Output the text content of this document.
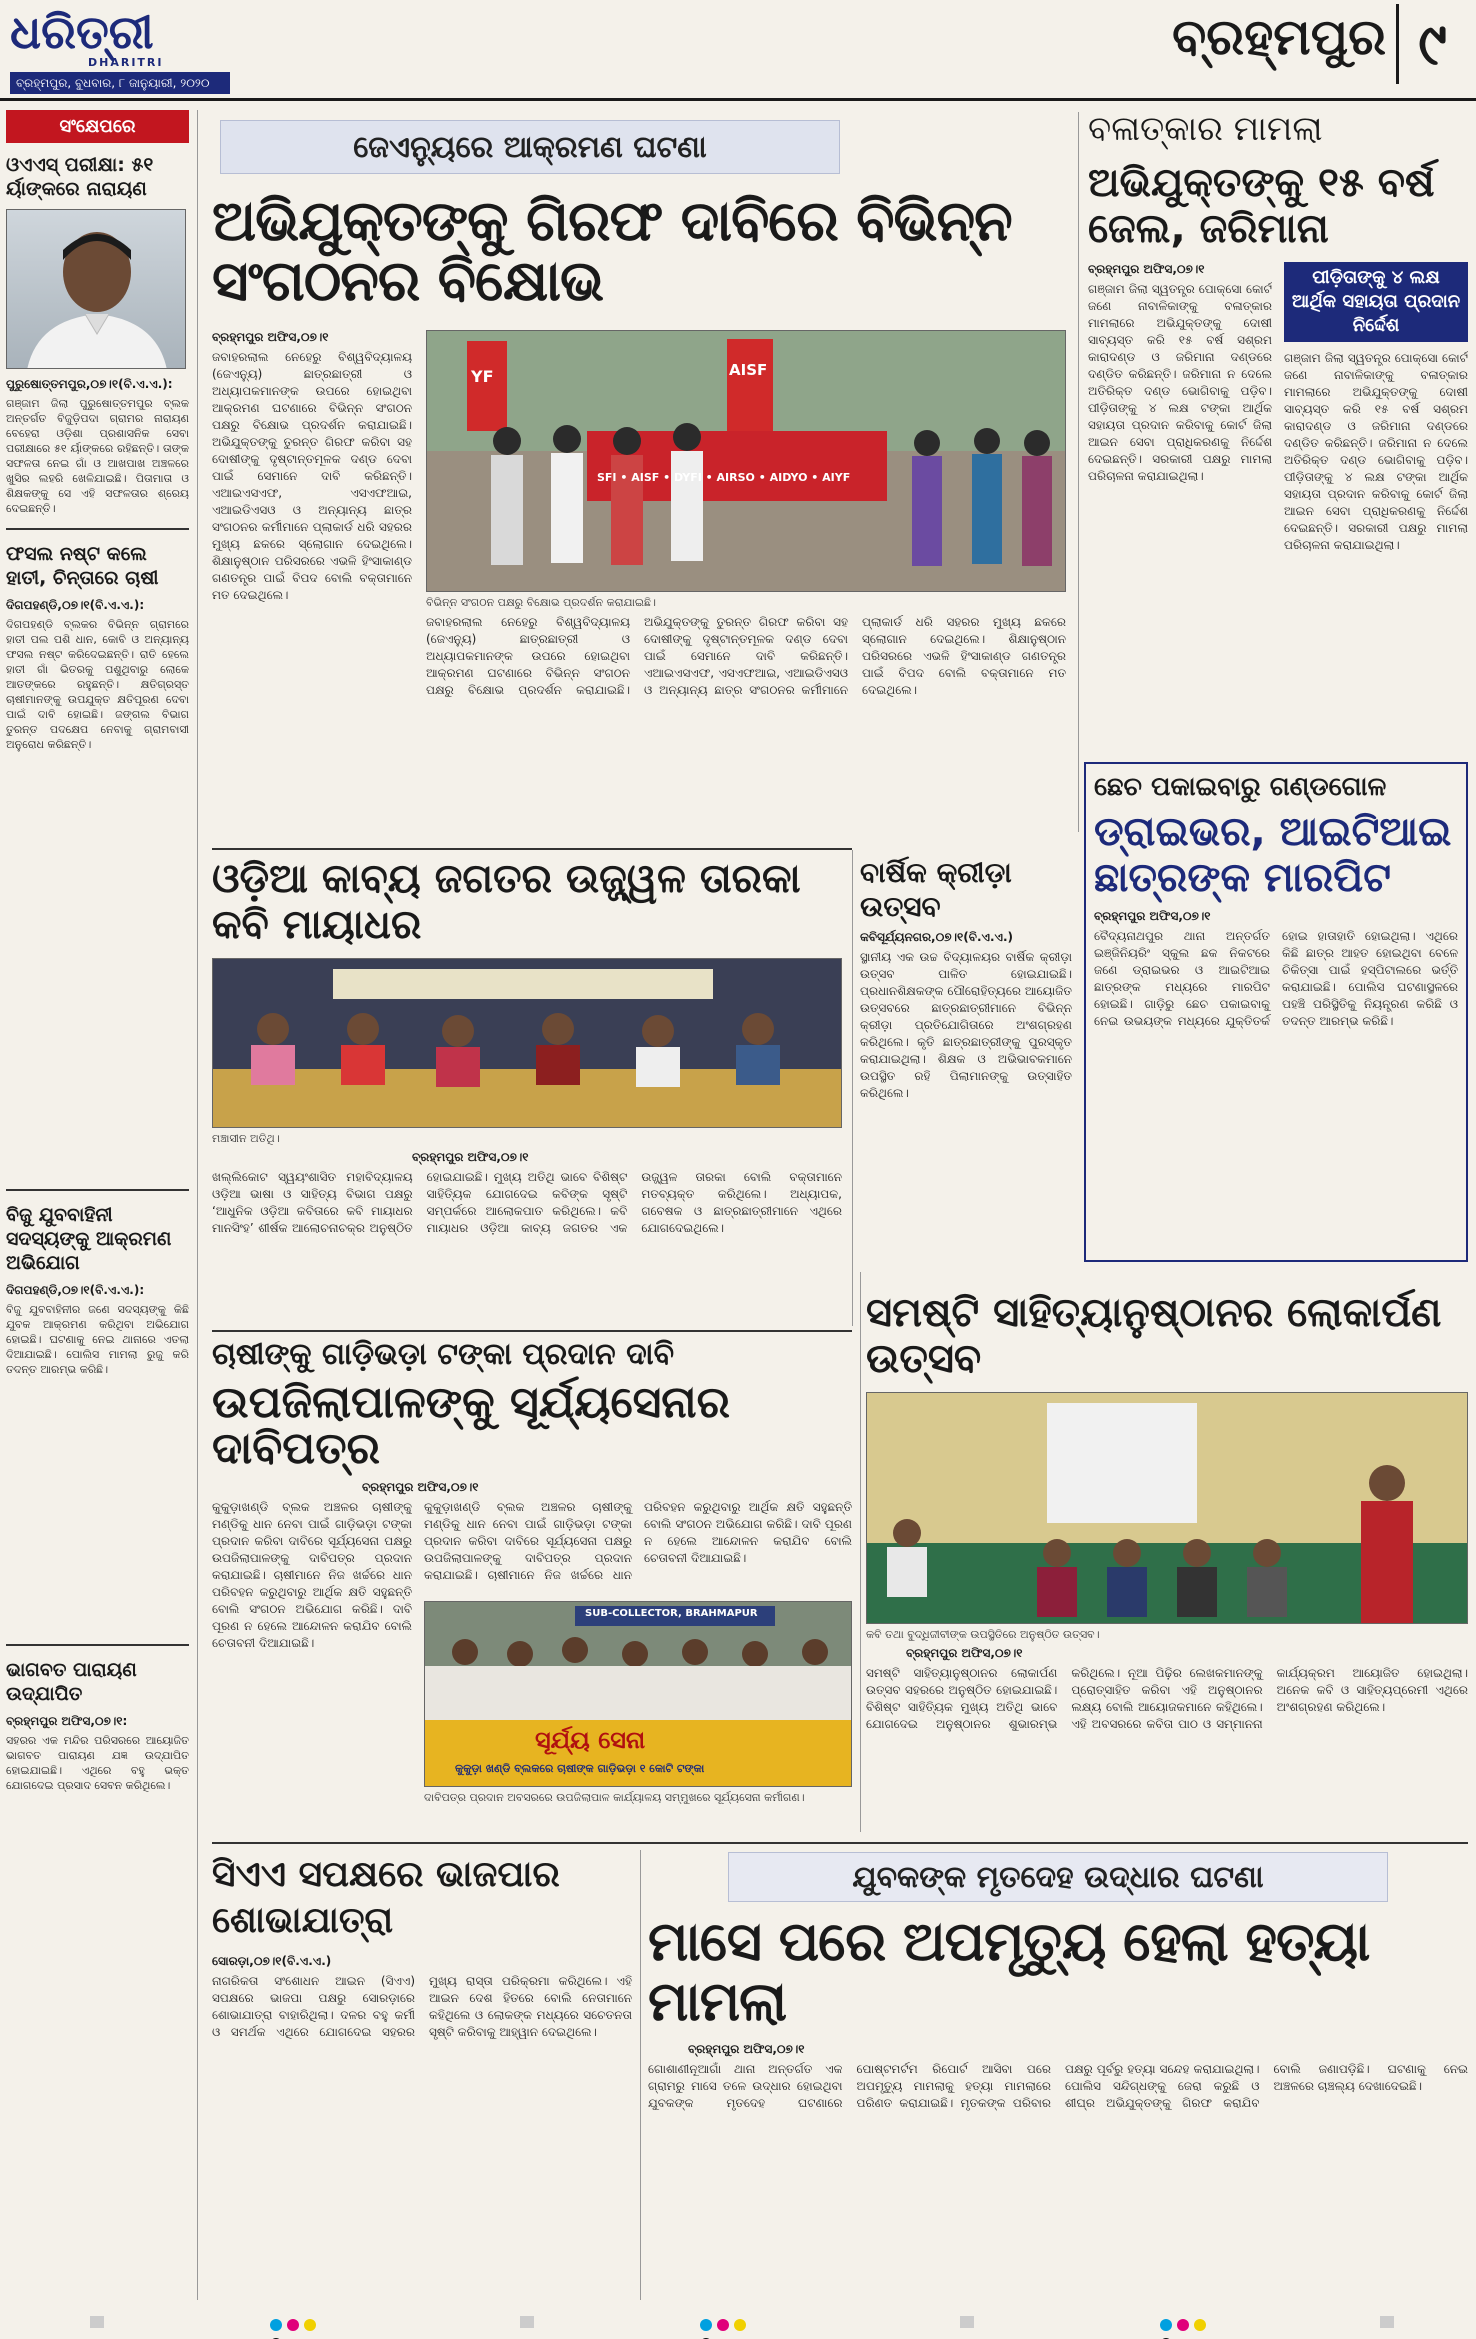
ଧରିତ୍ରୀ
DHARITRI
ବ୍ରହ୍ମପୁର, ବୁଧବାର, ୮ ଜାନୁୟାରୀ, ୨୦୨୦
ବ୍ରହ୍ମପୁର ୯
ସଂକ୍ଷେପରେ
ଓଏଏସ୍ ପରୀକ୍ଷା: ୫୧ ର୍ୟାଙ୍କରେ ନାରାୟଣ
ପୁରୁଷୋତ୍ତମପୁର,୦୭।୧(ବି.ଏ.ଏ.):
ଗଞ୍ଜାମ ଜିଲା ପୁରୁଷୋତ୍ତମପୁର ବ୍ଲକ ଅନ୍ତର୍ଗତ ବିଜୁଡ଼ିପଦା ଗ୍ରାମର ନାରାୟଣ ବେହେରା ଓଡ଼ିଶା ପ୍ରଶାସନିକ ସେବା ପରୀକ୍ଷାରେ ୫୧ ର୍ୟାଙ୍କରେ ରହିଛନ୍ତି। ତାଙ୍କ ସଫଳତା ନେଇ ଗାଁ ଓ ଆଖପାଖ ଅଞ୍ଚଳରେ ଖୁସିର ଲହରି ଖେଳିଯାଇଛି। ପିତାମାତା ଓ ଶିକ୍ଷକଙ୍କୁ ସେ ଏହି ସଫଳତାର ଶ୍ରେୟ ଦେଇଛନ୍ତି।
ଫସଲ ନଷ୍ଟ କଲେ ହାତୀ, ଚିନ୍ତାରେ ଚାଷୀ
ଦିଗପହଣ୍ଡି,୦୭।୧(ବି.ଏ.ଏ.):
ଦିଗପହଣ୍ଡି ବ୍ଲକର ବିଭିନ୍ନ ଗ୍ରାମରେ ହାତୀ ପଲ ପଶି ଧାନ, କୋବି ଓ ଅନ୍ୟାନ୍ୟ ଫସଲ ନଷ୍ଟ କରିଦେଇଛନ୍ତି। ରାତି ହେଲେ ହାତୀ ଗାଁ ଭିତରକୁ ପଶୁଥିବାରୁ ଲୋକେ ଆତଙ୍କରେ ରହୁଛନ୍ତି। କ୍ଷତିଗ୍ରସ୍ତ ଚାଷୀମାନଙ୍କୁ ଉପଯୁକ୍ତ କ୍ଷତିପୂରଣ ଦେବା ପାଇଁ ଦାବି ହୋଇଛି। ଜଙ୍ଗଲ ବିଭାଗ ତୁରନ୍ତ ପଦକ୍ଷେପ ନେବାକୁ ଗ୍ରାମବାସୀ ଅନୁରୋଧ କରିଛନ୍ତି।
ବିଜୁ ଯୁବବାହିନୀ ସଦସ୍ୟଙ୍କୁ ଆକ୍ରମଣ ଅଭିଯୋଗ
ଦିଗପହଣ୍ଡି,୦୭।୧(ବି.ଏ.ଏ.):
ବିଜୁ ଯୁବବାହିନୀର ଜଣେ ସଦସ୍ୟଙ୍କୁ କିଛି ଯୁବକ ଆକ୍ରମଣ କରିଥିବା ଅଭିଯୋଗ ହୋଇଛି। ଘଟଣାକୁ ନେଇ ଥାନାରେ ଏତଲା ଦିଆଯାଇଛି। ପୋଲିସ ମାମଲା ରୁଜୁ କରି ତଦନ୍ତ ଆରମ୍ଭ କରିଛି।
ଭାଗବତ ପାରାୟଣ ଉଦ୍ଯାପିତ
ବ୍ରହ୍ମପୁର ଅଫିସ,୦୭।୧:
ସହରର ଏକ ମନ୍ଦିର ପରିସରରେ ଆୟୋଜିତ ଭାଗବତ ପାରାୟଣ ଯଜ୍ଞ ଉଦ୍ଯାପିତ ହୋଇଯାଇଛି। ଏଥିରେ ବହୁ ଭକ୍ତ ଯୋଗଦେଇ ପ୍ରସାଦ ସେବନ କରିଥିଲେ।
ଜେଏନ୍ୟୁରେ ଆକ୍ରମଣ ଘଟଣା
ଅଭିଯୁକ୍ତଙ୍କୁ ଗିରଫ ଦାବିରେ ବିଭିନ୍ନ ସଂଗଠନର ବିକ୍ଷୋଭ
ବ୍ରହ୍ମପୁର ଅଫିସ,୦୭।୧
ଜବାହରଲାଲ ନେହେରୁ ବିଶ୍ୱବିଦ୍ୟାଳୟ (ଜେଏନ୍ୟୁ) ଛାତ୍ରଛାତ୍ରୀ ଓ ଅଧ୍ୟାପକମାନଙ୍କ ଉପରେ ହୋଇଥିବା ଆକ୍ରମଣ ଘଟଣାରେ ବିଭିନ୍ନ ସଂଗଠନ ପକ୍ଷରୁ ବିକ୍ଷୋଭ ପ୍ରଦର୍ଶନ କରାଯାଇଛି। ଅଭିଯୁକ୍ତଙ୍କୁ ତୁରନ୍ତ ଗିରଫ କରିବା ସହ ଦୋଷୀଙ୍କୁ ଦୃଷ୍ଟାନ୍ତମୂଳକ ଦଣ୍ଡ ଦେବା ପାଇଁ ସେମାନେ ଦାବି କରିଛନ୍ତି। ଏଆଇଏସଏଫ, ଏସଏଫଆଇ, ଏଆଇଡିଏସଓ ଓ ଅନ୍ୟାନ୍ୟ ଛାତ୍ର ସଂଗଠନର କର୍ମୀମାନେ ପ୍ଲାକାର୍ଡ ଧରି ସହରର ମୁଖ୍ୟ ଛକରେ ସ୍ଲୋଗାନ ଦେଇଥିଲେ। ଶିକ୍ଷାନୁଷ୍ଠାନ ପରିସରରେ ଏଭଳି ହିଂସାକାଣ୍ଡ ଗଣତନ୍ତ୍ର ପାଇଁ ବିପଦ ବୋଲି ବକ୍ତାମାନେ ମତ ଦେଇଥିଲେ।
YF	AISF
SFI • AISF • DYFI • AIRSO • AIDYO • AIYF
ବିଭିନ୍ନ ସଂଗଠନ ପକ୍ଷରୁ ବିକ୍ଷୋଭ ପ୍ରଦର୍ଶନ କରାଯାଇଛି।
ଜବାହରଲାଲ ନେହେରୁ ବିଶ୍ୱବିଦ୍ୟାଳୟ (ଜେଏନ୍ୟୁ) ଛାତ୍ରଛାତ୍ରୀ ଓ ଅଧ୍ୟାପକମାନଙ୍କ ଉପରେ ହୋଇଥିବା ଆକ୍ରମଣ ଘଟଣାରେ ବିଭିନ୍ନ ସଂଗଠନ ପକ୍ଷରୁ ବିକ୍ଷୋଭ ପ୍ରଦର୍ଶନ କରାଯାଇଛି। ଅଭିଯୁକ୍ତଙ୍କୁ ତୁରନ୍ତ ଗିରଫ କରିବା ସହ ଦୋଷୀଙ୍କୁ ଦୃଷ୍ଟାନ୍ତମୂଳକ ଦଣ୍ଡ ଦେବା ପାଇଁ ସେମାନେ ଦାବି କରିଛନ୍ତି। ଏଆଇଏସଏଫ, ଏସଏଫଆଇ, ଏଆଇଡିଏସଓ ଓ ଅନ୍ୟାନ୍ୟ ଛାତ୍ର ସଂଗଠନର କର୍ମୀମାନେ ପ୍ଲାକାର୍ଡ ଧରି ସହରର ମୁଖ୍ୟ ଛକରେ ସ୍ଲୋଗାନ ଦେଇଥିଲେ। ଶିକ୍ଷାନୁଷ୍ଠାନ ପରିସରରେ ଏଭଳି ହିଂସାକାଣ୍ଡ ଗଣତନ୍ତ୍ର ପାଇଁ ବିପଦ ବୋଲି ବକ୍ତାମାନେ ମତ ଦେଇଥିଲେ।
ବଳାତ୍କାର ମାମଲା
ଅଭିଯୁକ୍ତଙ୍କୁ ୧୫ ବର୍ଷ ଜେଲ, ଜରିମାନା
ବ୍ରହ୍ମପୁର ଅଫିସ,୦୭।୧
ଗଞ୍ଜାମ ଜିଲା ସ୍ୱତନ୍ତ୍ର ପୋକ୍ସୋ କୋର୍ଟ ଜଣେ ନାବାଳିକାଙ୍କୁ ବଳାତ୍କାର ମାମଲାରେ ଅଭିଯୁକ୍ତଙ୍କୁ ଦୋଷୀ ସାବ୍ୟସ୍ତ କରି ୧୫ ବର୍ଷ ସଶ୍ରମ କାରାଦଣ୍ଡ ଓ ଜରିମାନା ଦଣ୍ଡରେ ଦଣ୍ଡିତ କରିଛନ୍ତି। ଜରିମାନା ନ ଦେଲେ ଅତିରିକ୍ତ ଦଣ୍ଡ ଭୋଗିବାକୁ ପଡ଼ିବ। ପୀଡ଼ିତାଙ୍କୁ ୪ ଲକ୍ଷ ଟଙ୍କା ଆର୍ଥିକ ସହାୟତା ପ୍ରଦାନ କରିବାକୁ କୋର୍ଟ ଜିଲା ଆଇନ ସେବା ପ୍ରାଧିକରଣକୁ ନିର୍ଦ୍ଦେଶ ଦେଇଛନ୍ତି। ସରକାରୀ ପକ୍ଷରୁ ମାମଲା ପରିଚାଳନା କରାଯାଇଥିଲା।
ପୀଡ଼ିତାଙ୍କୁ ୪ ଲକ୍ଷ ଆର୍ଥିକ ସହାୟତା ପ୍ରଦାନ ନିର୍ଦ୍ଦେଶ
ଗଞ୍ଜାମ ଜିଲା ସ୍ୱତନ୍ତ୍ର ପୋକ୍ସୋ କୋର୍ଟ ଜଣେ ନାବାଳିକାଙ୍କୁ ବଳାତ୍କାର ମାମଲାରେ ଅଭିଯୁକ୍ତଙ୍କୁ ଦୋଷୀ ସାବ୍ୟସ୍ତ କରି ୧୫ ବର୍ଷ ସଶ୍ରମ କାରାଦଣ୍ଡ ଓ ଜରିମାନା ଦଣ୍ଡରେ ଦଣ୍ଡିତ କରିଛନ୍ତି। ଜରିମାନା ନ ଦେଲେ ଅତିରିକ୍ତ ଦଣ୍ଡ ଭୋଗିବାକୁ ପଡ଼ିବ। ପୀଡ଼ିତାଙ୍କୁ ୪ ଲକ୍ଷ ଟଙ୍କା ଆର୍ଥିକ ସହାୟତା ପ୍ରଦାନ କରିବାକୁ କୋର୍ଟ ଜିଲା ଆଇନ ସେବା ପ୍ରାଧିକରଣକୁ ନିର୍ଦ୍ଦେଶ ଦେଇଛନ୍ତି। ସରକାରୀ ପକ୍ଷରୁ ମାମଲା ପରିଚାଳନା କରାଯାଇଥିଲା।
ଓଡ଼ିଆ କାବ୍ୟ ଜଗତର ଉଜ୍ଜ୍ୱଳ ତାରକା କବି ମାୟାଧର
ମଞ୍ଚାସୀନ ଅତିଥି।
ବ୍ରହ୍ମପୁର ଅଫିସ,୦୭।୧
ଖଲ୍ଲିକୋଟ ସ୍ୱୟଂଶାସିତ ମହାବିଦ୍ୟାଳୟ ଓଡ଼ିଆ ଭାଷା ଓ ସାହିତ୍ୟ ବିଭାଗ ପକ୍ଷରୁ ‘ଆଧୁନିକ ଓଡ଼ିଆ କବିତାରେ କବି ମାୟାଧର ମାନସିଂହ’ ଶୀର୍ଷକ ଆଲୋଚନାଚକ୍ର ଅନୁଷ୍ଠିତ ହୋଇଯାଇଛି। ମୁଖ୍ୟ ଅତିଥି ଭାବେ ବିଶିଷ୍ଟ ସାହିତ୍ୟିକ ଯୋଗଦେଇ କବିଙ୍କ ସୃଷ୍ଟି ସମ୍ପର୍କରେ ଆଲୋକପାତ କରିଥିଲେ। କବି ମାୟାଧର ଓଡ଼ିଆ କାବ୍ୟ ଜଗତର ଏକ ଉଜ୍ଜ୍ୱଳ ତାରକା ବୋଲି ବକ୍ତାମାନେ ମତବ୍ୟକ୍ତ କରିଥିଲେ। ଅଧ୍ୟାପକ, ଗବେଷକ ଓ ଛାତ୍ରଛାତ୍ରୀମାନେ ଏଥିରେ ଯୋଗଦେଇଥିଲେ।
ବାର୍ଷିକ କ୍ରୀଡ଼ା ଉତ୍ସବ
କବିସୂର୍ଯ୍ୟନଗର,୦୭।୧(ବି.ଏ.ଏ.)
ସ୍ଥାନୀୟ ଏକ ଉଚ୍ଚ ବିଦ୍ୟାଳୟର ବାର୍ଷିକ କ୍ରୀଡ଼ା ଉତ୍ସବ ପାଳିତ ହୋଇଯାଇଛି। ପ୍ରଧାନଶିକ୍ଷକଙ୍କ ପୌରୋହିତ୍ୟରେ ଆୟୋଜିତ ଉତ୍ସବରେ ଛାତ୍ରଛାତ୍ରୀମାନେ ବିଭିନ୍ନ କ୍ରୀଡ଼ା ପ୍ରତିଯୋଗିତାରେ ଅଂଶଗ୍ରହଣ କରିଥିଲେ। କୃତି ଛାତ୍ରଛାତ୍ରୀଙ୍କୁ ପୁରସ୍କୃତ କରାଯାଇଥିଲା। ଶିକ୍ଷକ ଓ ଅଭିଭାବକମାନେ ଉପସ୍ଥିତ ରହି ପିଲାମାନଙ୍କୁ ଉତ୍ସାହିତ କରିଥିଲେ।
ଛେଚ ପକାଇବାରୁ ଗଣ୍ଡଗୋଳ
ଡ୍ରାଇଭର, ଆଇଟିଆଇ ଛାତ୍ରଙ୍କ ମାରପିଟ
ବ୍ରହ୍ମପୁର ଅଫିସ,୦୭।୧
ବୈଦ୍ୟନାଥପୁର ଥାନା ଅନ୍ତର୍ଗତ ଇଞ୍ଜିନିୟରିଂ ସ୍କୁଲ ଛକ ନିକଟରେ ଜଣେ ଡ୍ରାଇଭର ଓ ଆଇଟିଆଇ ଛାତ୍ରଙ୍କ ମଧ୍ୟରେ ମାରପିଟ ହୋଇଛି। ଗାଡ଼ିରୁ ଛେଚ ପକାଇବାକୁ ନେଇ ଉଭୟଙ୍କ ମଧ୍ୟରେ ଯୁକ୍ତିତର୍କ ହୋଇ ହାତାହାତି ହୋଇଥିଲା। ଏଥିରେ କିଛି ଛାତ୍ର ଆହତ ହୋଇଥିବା ବେଳେ ଚିକିତ୍ସା ପାଇଁ ହସ୍ପିଟାଲରେ ଭର୍ତ୍ତି କରାଯାଇଛି। ପୋଲିସ ଘଟଣାସ୍ଥଳରେ ପହଞ୍ଚି ପରିସ୍ଥିତିକୁ ନିୟନ୍ତ୍ରଣ କରିଛି ଓ ତଦନ୍ତ ଆରମ୍ଭ କରିଛି।
ଚାଷୀଙ୍କୁ ଗାଡ଼ିଭଡ଼ା ଟଙ୍କା ପ୍ରଦାନ ଦାବି
ଉପଜିଲାପାଳଙ୍କୁ ସୂର୍ଯ୍ୟସେନାର ଦାବିପତ୍ର
ବ୍ରହ୍ମପୁର ଅଫିସ,୦୭।୧
କୁକୁଡ଼ାଖଣ୍ଡି ବ୍ଲକ ଅଞ୍ଚଳର ଚାଷୀଙ୍କୁ ମଣ୍ଡିକୁ ଧାନ ନେବା ପାଇଁ ଗାଡ଼ିଭଡ଼ା ଟଙ୍କା ପ୍ରଦାନ କରିବା ଦାବିରେ ସୂର୍ଯ୍ୟସେନା ପକ୍ଷରୁ ଉପଜିଲାପାଳଙ୍କୁ ଦାବିପତ୍ର ପ୍ରଦାନ କରାଯାଇଛି। ଚାଷୀମାନେ ନିଜ ଖର୍ଚ୍ଚରେ ଧାନ ପରିବହନ କରୁଥିବାରୁ ଆର୍ଥିକ କ୍ଷତି ସହୁଛନ୍ତି ବୋଲି ସଂଗଠନ ଅଭିଯୋଗ କରିଛି। ଦାବି ପୂରଣ ନ ହେଲେ ଆନ୍ଦୋଳନ କରାଯିବ ବୋଲି ଚେତାବନୀ ଦିଆଯାଇଛି।
କୁକୁଡ଼ାଖଣ୍ଡି ବ୍ଲକ ଅଞ୍ଚଳର ଚାଷୀଙ୍କୁ ମଣ୍ଡିକୁ ଧାନ ନେବା ପାଇଁ ଗାଡ଼ିଭଡ଼ା ଟଙ୍କା ପ୍ରଦାନ କରିବା ଦାବିରେ ସୂର୍ଯ୍ୟସେନା ପକ୍ଷରୁ ଉପଜିଲାପାଳଙ୍କୁ ଦାବିପତ୍ର ପ୍ରଦାନ କରାଯାଇଛି। ଚାଷୀମାନେ ନିଜ ଖର୍ଚ୍ଚରେ ଧାନ ପରିବହନ କରୁଥିବାରୁ ଆର୍ଥିକ କ୍ଷତି ସହୁଛନ୍ତି ବୋଲି ସଂଗଠନ ଅଭିଯୋଗ କରିଛି। ଦାବି ପୂରଣ ନ ହେଲେ ଆନ୍ଦୋଳନ କରାଯିବ ବୋଲି ଚେତାବନୀ ଦିଆଯାଇଛି।
SUB-COLLECTOR, BRAHMAPUR
ସୂର୍ଯ୍ୟ ସେନା
କୁକୁଡ଼ା ଖଣ୍ଡି ବ୍ଲକରେ ଚାଷୀଙ୍କ ଗାଡ଼ିଭଡ଼ା ୧ କୋଟି ଟଙ୍କା
ଦାବିପତ୍ର ପ୍ରଦାନ ଅବସରରେ ଉପଜିଲାପାଳ କାର୍ଯ୍ୟାଳୟ ସମ୍ମୁଖରେ ସୂର୍ଯ୍ୟସେନା କର୍ମୀଗଣ।
ସମଷ୍ଟି ସାହିତ୍ୟାନୁଷ୍ଠାନର ଲୋକାର୍ପଣ ଉତ୍ସବ
କବି ତଥା ବୁଦ୍ଧିଜୀବୀଙ୍କ ଉପସ୍ଥିତିରେ ଅନୁଷ୍ଠିତ ଉତ୍ସବ।
ବ୍ରହ୍ମପୁର ଅଫିସ,୦୭।୧
ସମଷ୍ଟି ସାହିତ୍ୟାନୁଷ୍ଠାନର ଲୋକାର୍ପଣ ଉତ୍ସବ ସହରରେ ଅନୁଷ୍ଠିତ ହୋଇଯାଇଛି। ବିଶିଷ୍ଟ ସାହିତ୍ୟିକ ମୁଖ୍ୟ ଅତିଥି ଭାବେ ଯୋଗଦେଇ ଅନୁଷ୍ଠାନର ଶୁଭାରମ୍ଭ କରିଥିଲେ। ନୂଆ ପିଢ଼ିର ଲେଖକମାନଙ୍କୁ ପ୍ରୋତ୍ସାହିତ କରିବା ଏହି ଅନୁଷ୍ଠାନର ଲକ୍ଷ୍ୟ ବୋଲି ଆୟୋଜକମାନେ କହିଥିଲେ। ଏହି ଅବସରରେ କବିତା ପାଠ ଓ ସମ୍ମାନନା କାର୍ଯ୍ୟକ୍ରମ ଆୟୋଜିତ ହୋଇଥିଲା। ଅନେକ କବି ଓ ସାହିତ୍ୟପ୍ରେମୀ ଏଥିରେ ଅଂଶଗ୍ରହଣ କରିଥିଲେ।
ସିଏଏ ସପକ୍ଷରେ ଭାଜପାର ଶୋଭାଯାତ୍ରା
ସୋରଡ଼ା,୦୭।୧(ବି.ଏ.ଏ.)
ନାଗରିକତା ସଂଶୋଧନ ଆଇନ (ସିଏଏ) ସପକ୍ଷରେ ଭାଜପା ପକ୍ଷରୁ ସୋରଡ଼ାରେ ଶୋଭାଯାତ୍ରା ବାହାରିଥିଲା। ଦଳର ବହୁ କର୍ମୀ ଓ ସମର୍ଥକ ଏଥିରେ ଯୋଗଦେଇ ସହରର ମୁଖ୍ୟ ରାସ୍ତା ପରିକ୍ରମା କରିଥିଲେ। ଏହି ଆଇନ ଦେଶ ହିତରେ ବୋଲି ନେତାମାନେ କହିଥିଲେ ଓ ଲୋକଙ୍କ ମଧ୍ୟରେ ସଚେତନତା ସୃଷ୍ଟି କରିବାକୁ ଆହ୍ୱାନ ଦେଇଥିଲେ।
ଯୁବକଙ୍କ ମୃତଦେହ ଉଦ୍ଧାର ଘଟଣା
ମାସେ ପରେ ଅପମୃତ୍ୟୁ ହେଲା ହତ୍ୟା ମାମଲା
ବ୍ରହ୍ମପୁର ଅଫିସ,୦୭।୧
ଗୋଶାଣୀନୂଆଗାଁ ଥାନା ଅନ୍ତର୍ଗତ ଏକ ଗ୍ରାମରୁ ମାସେ ତଳେ ଉଦ୍ଧାର ହୋଇଥିବା ଯୁବକଙ୍କ ମୃତଦେହ ଘଟଣାରେ ପୋଷ୍ଟମର୍ଟମ ରିପୋର୍ଟ ଆସିବା ପରେ ଅପମୃତ୍ୟୁ ମାମଲାକୁ ହତ୍ୟା ମାମଲାରେ ପରିଣତ କରାଯାଇଛି। ମୃତକଙ୍କ ପରିବାର ପକ୍ଷରୁ ପୂର୍ବରୁ ହତ୍ୟା ସନ୍ଦେହ କରାଯାଇଥିଲା। ପୋଲିସ ସନ୍ଦିଗ୍ଧଙ୍କୁ ଜେରା କରୁଛି ଓ ଶୀଘ୍ର ଅଭିଯୁକ୍ତଙ୍କୁ ଗିରଫ କରାଯିବ ବୋଲି ଜଣାପଡ଼ିଛି। ଘଟଣାକୁ ନେଇ ଅଞ୍ଚଳରେ ଚାଞ୍ଚଲ୍ୟ ଦେଖାଦେଇଛି।
